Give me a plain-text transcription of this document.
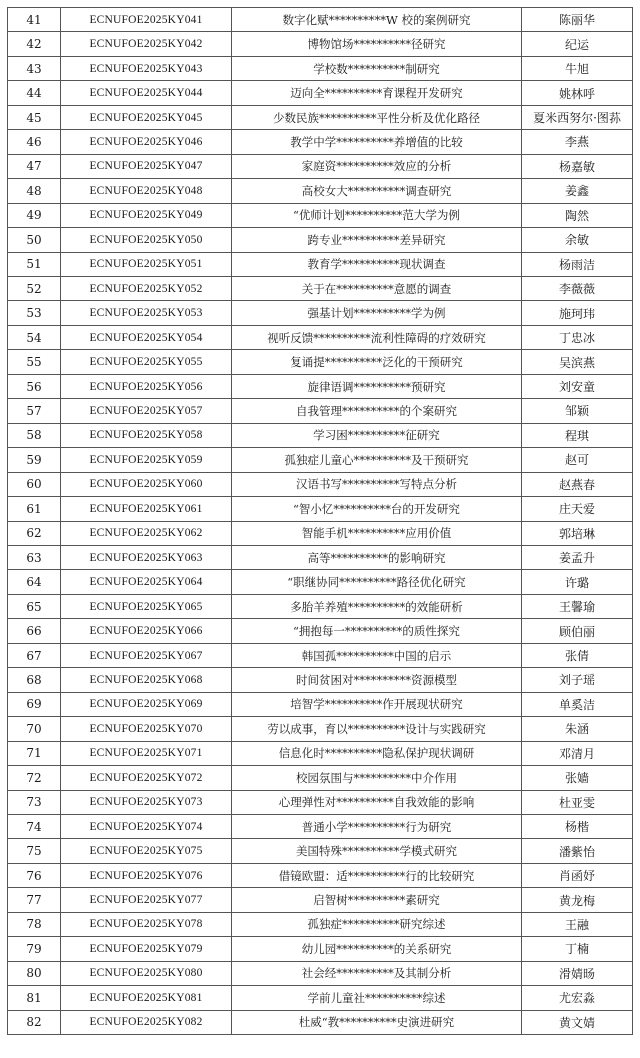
41	ECNUFOE2025KY041	数字化赋**********W 校的案例研究	陈丽华
42	ECNUFOE2025KY042	博物馆场**********径研究	纪运
43	ECNUFOE2025KY043	学校数**********制研究	牛旭
44	ECNUFOE2025KY044	迈向全**********育课程开发研究	姚林呼
45	ECNUFOE2025KY045	少数民族**********平性分析及优化路径	夏米西努尔·图荪
46	ECNUFOE2025KY046	教学中学**********养增值的比较	李燕
47	ECNUFOE2025KY047	家庭资**********效应的分析	杨嘉敏
48	ECNUFOE2025KY048	高校女大**********调查研究	姜鑫
49	ECNUFOE2025KY049	“优师计划**********范大学为例	陶然
50	ECNUFOE2025KY050	跨专业**********差异研究	余敏
51	ECNUFOE2025KY051	教育学**********现状调查	杨雨洁
52	ECNUFOE2025KY052	关于在**********意愿的调查	李薇薇
53	ECNUFOE2025KY053	强基计划**********学为例	施珂玮
54	ECNUFOE2025KY054	视听反馈**********流利性障碍的疗效研究	丁忠冰
55	ECNUFOE2025KY055	复诵提**********泛化的干预研究	吴滨燕
56	ECNUFOE2025KY056	旋律语调**********预研究	刘安童
57	ECNUFOE2025KY057	自我管理**********的个案研究	邹颖
58	ECNUFOE2025KY058	学习困**********征研究	程琪
59	ECNUFOE2025KY059	孤独症儿童心**********及干预研究	赵可
60	ECNUFOE2025KY060	汉语书写**********写特点分析	赵燕春
61	ECNUFOE2025KY061	“智小忆**********台的开发研究	庄天爱
62	ECNUFOE2025KY062	智能手机**********应用价值	郭培琳
63	ECNUFOE2025KY063	高等**********的影响研究	姜孟升
64	ECNUFOE2025KY064	“职继协同**********路径优化研究	许璐
65	ECNUFOE2025KY065	多胎羊养殖**********的效能研析	王馨瑜
66	ECNUFOE2025KY066	“拥抱每一**********的质性探究	顾伯丽
67	ECNUFOE2025KY067	韩国孤**********中国的启示	张倩
68	ECNUFOE2025KY068	时间贫困对**********资源模型	刘子瑶
69	ECNUFOE2025KY069	培智学**********作开展现状研究	单奚洁
70	ECNUFOE2025KY070	劳以成事，育以**********设计与实践研究	朱涵
71	ECNUFOE2025KY071	信息化时**********隐私保护现状调研	邓清月
72	ECNUFOE2025KY072	校园氛围与**********中介作用	张嫱
73	ECNUFOE2025KY073	心理弹性对**********自我效能的影响	杜亚雯
74	ECNUFOE2025KY074	普通小学**********行为研究	杨楷
75	ECNUFOE2025KY075	美国特殊**********学模式研究	潘紫怡
76	ECNUFOE2025KY076	借镜欧盟：适**********行的比较研究	肖函妤
77	ECNUFOE2025KY077	启智树**********素研究	黄龙梅
78	ECNUFOE2025KY078	孤独症**********研究综述	王融
79	ECNUFOE2025KY079	幼儿园**********的关系研究	丁楠
80	ECNUFOE2025KY080	社会经**********及其制分析	滑婧旸
81	ECNUFOE2025KY081	学前儿童社**********综述	尤宏淼
82	ECNUFOE2025KY082	杜威“教**********史演进研究	黄文婧
